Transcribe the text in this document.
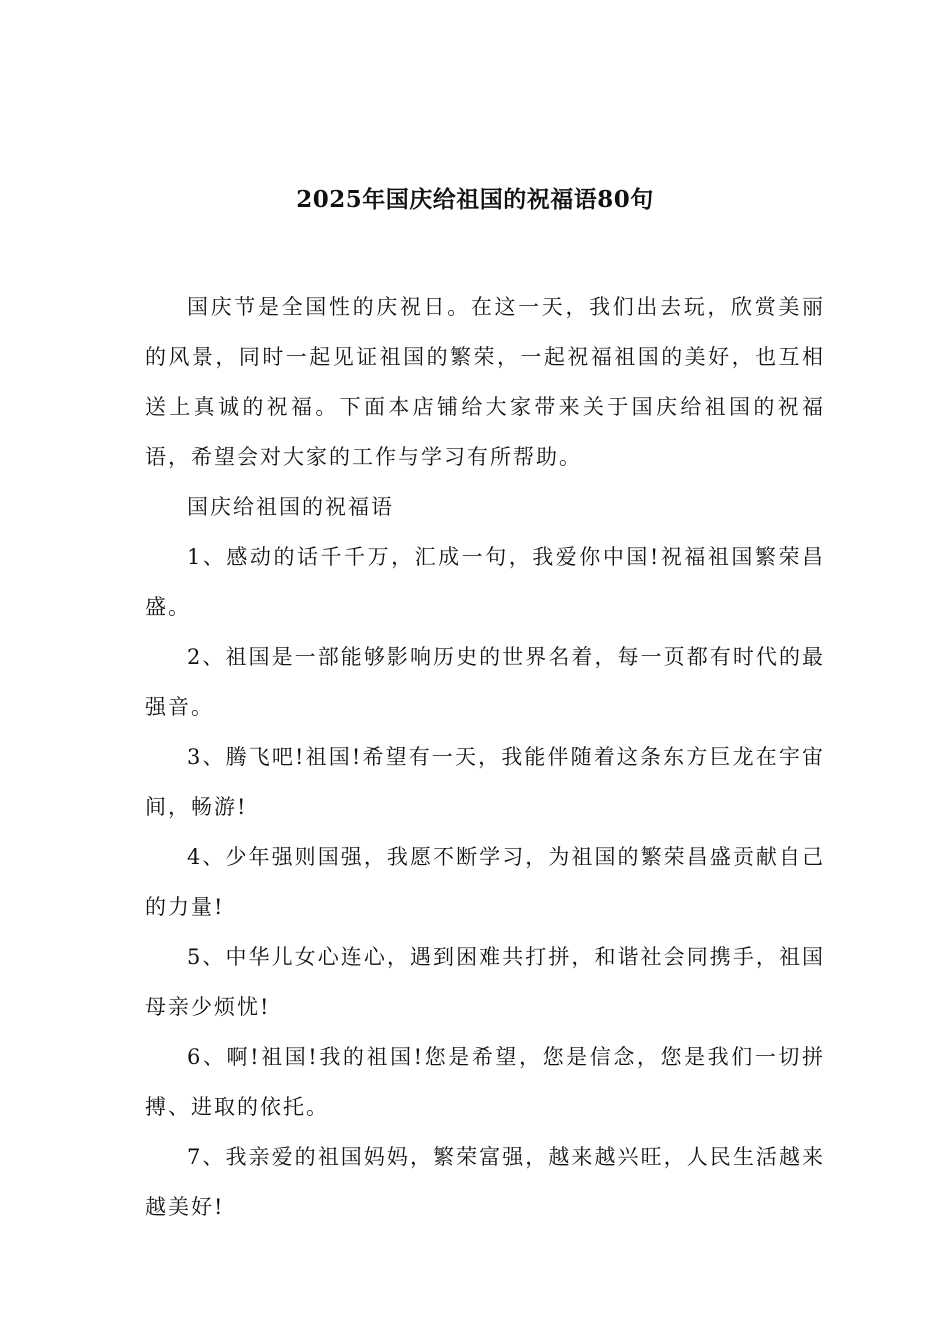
2025年国庆给祖国的祝福语80句

国庆节是全国性的庆祝日。在这一天，我们出去玩，欣赏美丽的风景，同时一起见证祖国的繁荣，一起祝福祖国的美好，也互相送上真诚的祝福。下面本店铺给大家带来关于国庆给祖国的祝福语，希望会对大家的工作与学习有所帮助。

国庆给祖国的祝福语

1、感动的话千千万，汇成一句，我爱你中国!祝福祖国繁荣昌盛。

2、祖国是一部能够影响历史的世界名着，每一页都有时代的最强音。

3、腾飞吧!祖国!希望有一天，我能伴随着这条东方巨龙在宇宙间，畅游!

4、少年强则国强，我愿不断学习，为祖国的繁荣昌盛贡献自己的力量!

5、中华儿女心连心，遇到困难共打拼，和谐社会同携手，祖国母亲少烦忧!

6、啊!祖国!我的祖国!您是希望，您是信念，您是我们一切拼搏、进取的依托。

7、我亲爱的祖国妈妈，繁荣富强，越来越兴旺，人民生活越来越美好!
